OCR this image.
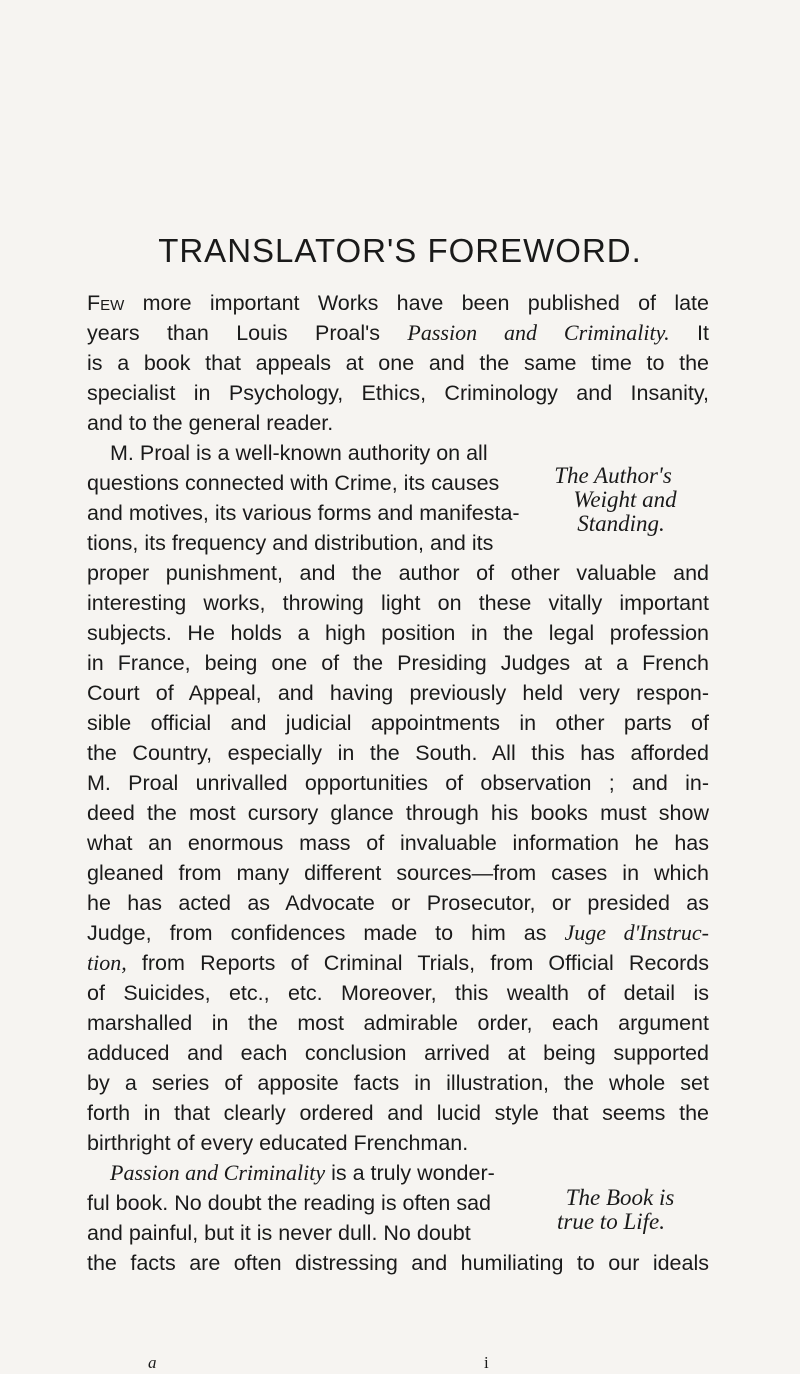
TRANSLATOR'S FOREWORD.
Few more important Works have been published of late
years than Louis Proal's Passion and Criminality. It
is a book that appeals at one and the same time to the
specialist in Psychology, Ethics, Criminology and Insanity,
and to the general reader.
M. Proal is a well-known authority on all
questions connected with Crime, its causes
and motives, its various forms and manifesta-
tions, its frequency and distribution, and its
proper punishment, and the author of other valuable and
interesting works, throwing light on these vitally important
subjects. He holds a high position in the legal profession
in France, being one of the Presiding Judges at a French
Court of Appeal, and having previously held very respon-
sible official and judicial appointments in other parts of
the Country, especially in the South. All this has afforded
M. Proal unrivalled opportunities of observation ; and in-
deed the most cursory glance through his books must show
what an enormous mass of invaluable information he has
gleaned from many different sources—from cases in which
he has acted as Advocate or Prosecutor, or presided as
Judge, from confidences made to him as Juge d'Instruc-
tion, from Reports of Criminal Trials, from Official Records
of Suicides, etc., etc. Moreover, this wealth of detail is
marshalled in the most admirable order, each argument
adduced and each conclusion arrived at being supported
by a series of apposite facts in illustration, the whole set
forth in that clearly ordered and lucid style that seems the
birthright of every educated Frenchman.
Passion and Criminality is a truly wonder-
ful book. No doubt the reading is often sad
and painful, but it is never dull. No doubt
the facts are often distressing and humiliating to our ideals
The Author's
Weight and
Standing.
The Book is
true to Life.
a	i
